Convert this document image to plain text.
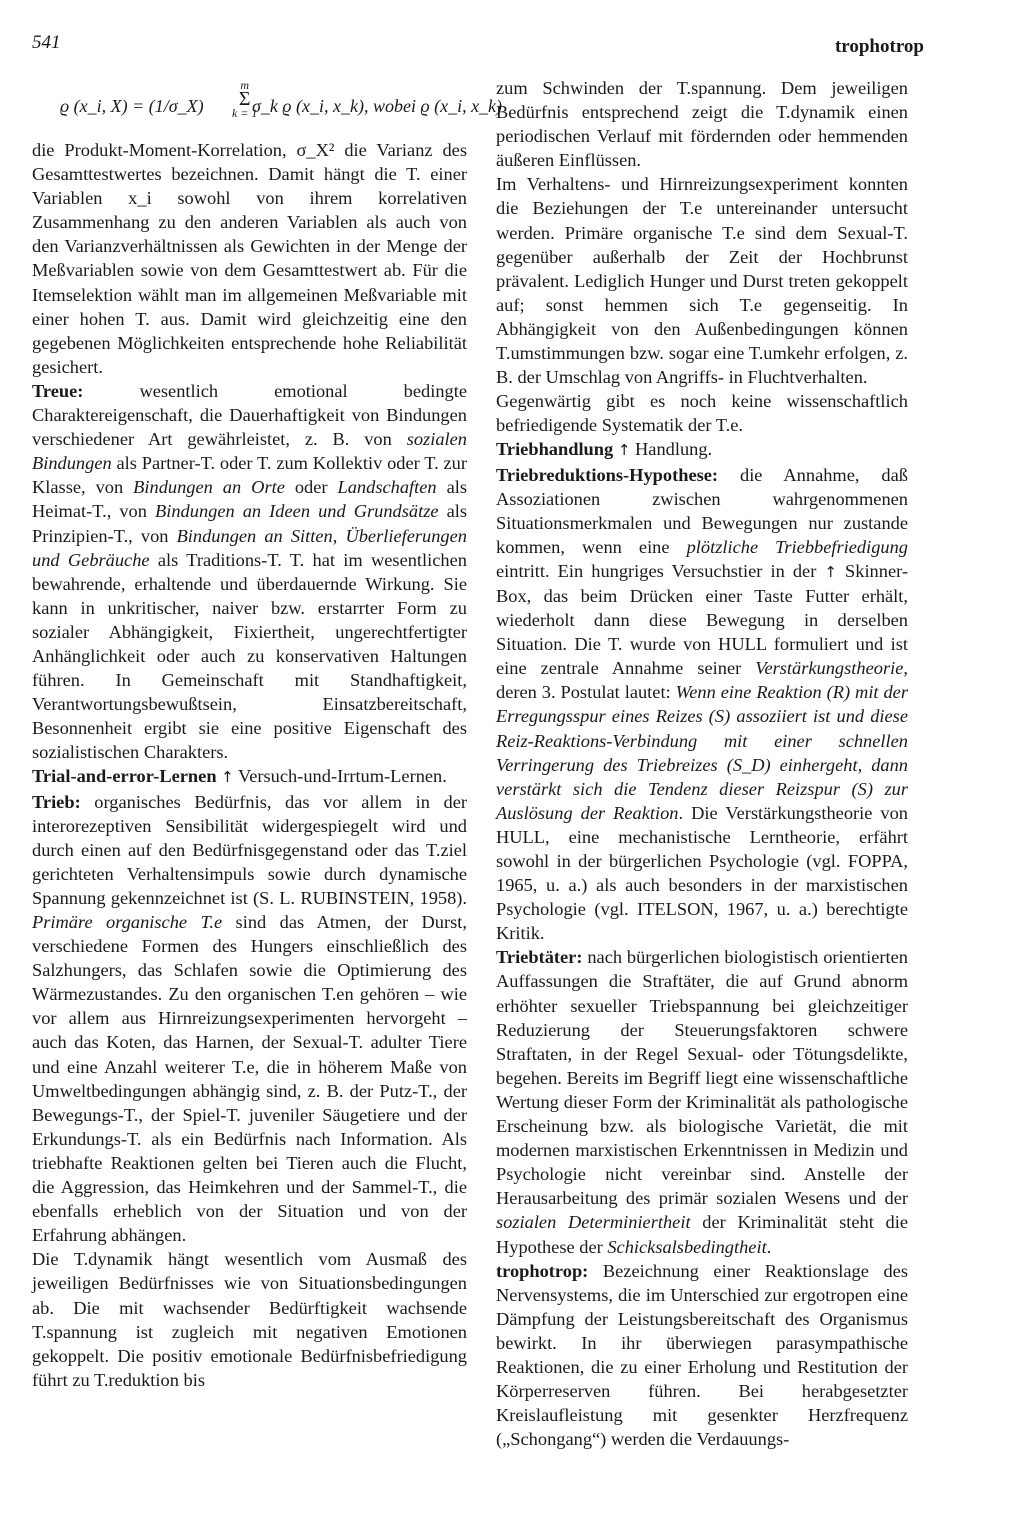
541	trophotrop
ϱ (x_i, X) = (1/σ_X)
m
Σ
k = 1
σ_k ϱ (x_i, x_k), wobei ϱ (x_i, x_k)

die Produkt-Moment-Korrelation, σ_X² die Varianz des Gesamttestwertes bezeichnen. Damit hängt die T. einer Variablen x_i sowohl von ihrem korrelativen Zusammenhang zu den anderen Variablen als auch von den Varianzverhältnissen als Gewichten in der Menge der Meßvariablen sowie von dem Gesamttestwert ab. Für die Itemselektion wählt man im allgemeinen Meßvariable mit einer hohen T. aus. Damit wird gleichzeitig eine den gegebenen Möglichkeiten entsprechende hohe Reliabilität gesichert.

Treue: wesentlich emotional bedingte Charaktereigenschaft, die Dauerhaftigkeit von Bindungen verschiedener Art gewährleistet, z. B. von sozialen Bindungen als Partner-T. oder T. zum Kollektiv oder T. zur Klasse, von Bindungen an Orte oder Landschaften als Heimat-T., von Bindungen an Ideen und Grundsätze als Prinzipien-T., von Bindungen an Sitten, Überlieferungen und Gebräuche als Traditions-T. T. hat im wesentlichen bewahrende, erhaltende und überdauernde Wirkung. Sie kann in unkritischer, naiver bzw. erstarrter Form zu sozialer Abhängigkeit, Fixiertheit, ungerechtfertigter Anhänglichkeit oder auch zu konservativen Haltungen führen. In Gemeinschaft mit Standhaftigkeit, Verantwortungsbewußtsein, Einsatzbereitschaft, Besonnenheit ergibt sie eine positive Eigenschaft des sozialistischen Charakters.

Trial-and-error-Lernen ↑ Versuch-und-Irrtum-Lernen.

Trieb: organisches Bedürfnis, das vor allem in der interorezeptiven Sensibilität widergespiegelt wird und durch einen auf den Bedürfnisgegenstand oder das T.ziel gerichteten Verhaltensimpuls sowie durch dynamische Spannung gekennzeichnet ist (S. L. RUBINSTEIN, 1958). Primäre organische T.e sind das Atmen, der Durst, verschiedene Formen des Hungers einschließlich des Salzhungers, das Schlafen sowie die Optimierung des Wärmezustandes. Zu den organischen T.en gehören – wie vor allem aus Hirnreizungsexperimenten hervorgeht – auch das Koten, das Harnen, der Sexual-T. adulter Tiere und eine Anzahl weiterer T.e, die in höherem Maße von Umweltbedingungen abhängig sind, z. B. der Putz-T., der Bewegungs-T., der Spiel-T. juveniler Säugetiere und der Erkundungs-T. als ein Bedürfnis nach Information. Als triebhafte Reaktionen gelten bei Tieren auch die Flucht, die Aggression, das Heimkehren und der Sammel-T., die ebenfalls erheblich von der Situation und von der Erfahrung abhängen.

Die T.dynamik hängt wesentlich vom Ausmaß des jeweiligen Bedürfnisses wie von Situationsbedingungen ab. Die mit wachsender Bedürftigkeit wachsende T.spannung ist zugleich mit negativen Emotionen gekoppelt. Die positiv emotionale Bedürfnisbefriedigung führt zu T.reduktion bis

zum Schwinden der T.spannung. Dem jeweiligen Bedürfnis entsprechend zeigt die T.dynamik einen periodischen Verlauf mit fördernden oder hemmenden äußeren Einflüssen.

Im Verhaltens- und Hirnreizungsexperiment konnten die Beziehungen der T.e untereinander untersucht werden. Primäre organische T.e sind dem Sexual-T. gegenüber außerhalb der Zeit der Hochbrunst prävalent. Lediglich Hunger und Durst treten gekoppelt auf; sonst hemmen sich T.e gegenseitig. In Abhängigkeit von den Außenbedingungen können T.umstimmungen bzw. sogar eine T.umkehr erfolgen, z. B. der Umschlag von Angriffs- in Fluchtverhalten.

Gegenwärtig gibt es noch keine wissenschaftlich befriedigende Systematik der T.e.

Triebhandlung ↑ Handlung.

Triebreduktions-Hypothese: die Annahme, daß Assoziationen zwischen wahrgenommenen Situationsmerkmalen und Bewegungen nur zustande kommen, wenn eine plötzliche Triebbefriedigung eintritt. Ein hungriges Versuchstier in der ↑ Skinner-Box, das beim Drücken einer Taste Futter erhält, wiederholt dann diese Bewegung in derselben Situation. Die T. wurde von HULL formuliert und ist eine zentrale Annahme seiner Verstärkungstheorie, deren 3. Postulat lautet: Wenn eine Reaktion (R) mit der Erregungsspur eines Reizes (S) assoziiert ist und diese Reiz-Reaktions-Verbindung mit einer schnellen Verringerung des Triebreizes (S_D) einhergeht, dann verstärkt sich die Tendenz dieser Reizspur (S) zur Auslösung der Reaktion. Die Verstärkungstheorie von HULL, eine mechanistische Lerntheorie, erfährt sowohl in der bürgerlichen Psychologie (vgl. FOPPA, 1965, u. a.) als auch besonders in der marxistischen Psychologie (vgl. ITELSON, 1967, u. a.) berechtigte Kritik.

Triebtäter: nach bürgerlichen biologistisch orientierten Auffassungen die Straftäter, die auf Grund abnorm erhöhter sexueller Triebspannung bei gleichzeitiger Reduzierung der Steuerungsfaktoren schwere Straftaten, in der Regel Sexual- oder Tötungsdelikte, begehen. Bereits im Begriff liegt eine wissenschaftliche Wertung dieser Form der Kriminalität als pathologische Erscheinung bzw. als biologische Varietät, die mit modernen marxistischen Erkenntnissen in Medizin und Psychologie nicht vereinbar sind. Anstelle der Herausarbeitung des primär sozialen Wesens und der sozialen Determiniertheit der Kriminalität steht die Hypothese der Schicksalsbedingtheit.

trophotrop: Bezeichnung einer Reaktionslage des Nervensystems, die im Unterschied zur ergotropen eine Dämpfung der Leistungsbereitschaft des Organismus bewirkt. In ihr überwiegen parasympathische Reaktionen, die zu einer Erholung und Restitution der Körperreserven führen. Bei herabgesetzter Kreislaufleistung mit gesenkter Herzfrequenz („Schongang“) werden die Verdauungs-
